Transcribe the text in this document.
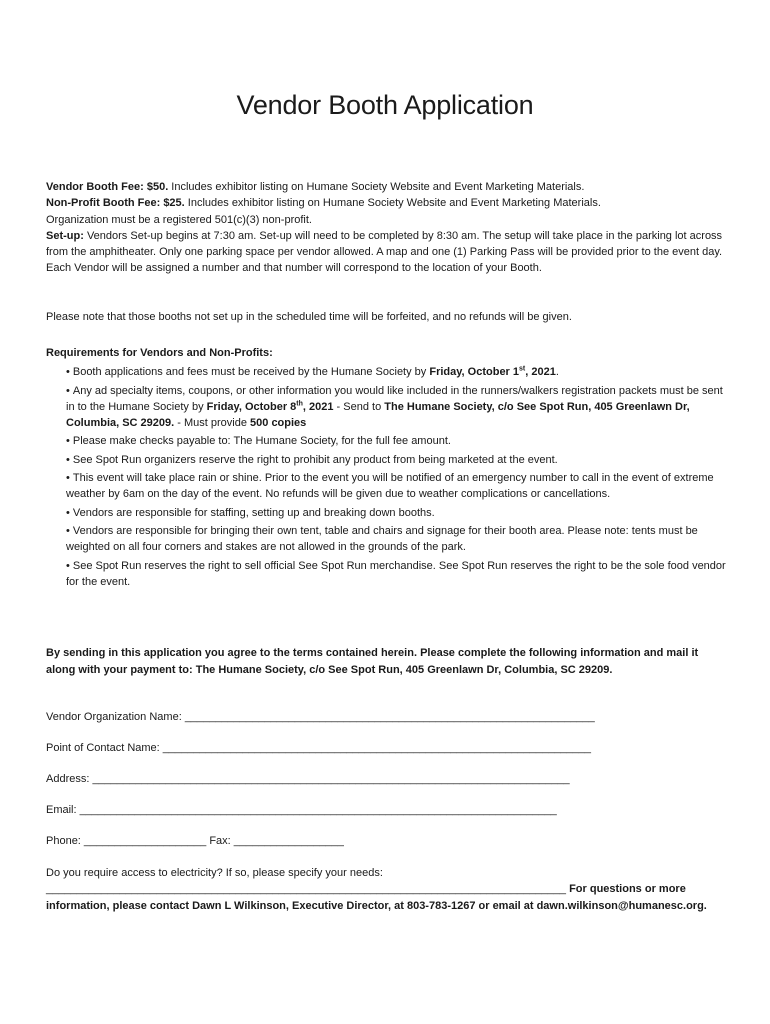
Vendor Booth Application
Vendor Booth Fee: $50. Includes exhibitor listing on Humane Society Website and Event Marketing Materials.
Non-Profit Booth Fee: $25. Includes exhibitor listing on Humane Society Website and Event Marketing Materials.
Organization must be a registered 501(c)(3) non-profit.
Set-up: Vendors Set-up begins at 7:30 am. Set-up will need to be completed by 8:30 am. The setup will take place in the parking lot across from the amphitheater. Only one parking space per vendor allowed. A map and one (1) Parking Pass will be provided prior to the event day. Each Vendor will be assigned a number and that number will correspond to the location of your Booth.
Please note that those booths not set up in the scheduled time will be forfeited, and no refunds will be given.
Requirements for Vendors and Non-Profits:
• Booth applications and fees must be received by the Humane Society by Friday, October 1st, 2021.
• Any ad specialty items, coupons, or other information you would like included in the runners/walkers registration packets must be sent in to the Humane Society by Friday, October 8th, 2021 - Send to The Humane Society, c/o See Spot Run, 405 Greenlawn Dr, Columbia, SC 29209. - Must provide 500 copies
• Please make checks payable to: The Humane Society, for the full fee amount.
• See Spot Run organizers reserve the right to prohibit any product from being marketed at the event.
• This event will take place rain or shine. Prior to the event you will be notified of an emergency number to call in the event of extreme weather by 6am on the day of the event. No refunds will be given due to weather complications or cancellations.
• Vendors are responsible for staffing, setting up and breaking down booths.
• Vendors are responsible for bringing their own tent, table and chairs and signage for their booth area. Please note: tents must be weighted on all four corners and stakes are not allowed in the grounds of the park.
• See Spot Run reserves the right to sell official See Spot Run merchandise. See Spot Run reserves the right to be the sole food vendor for the event.
By sending in this application you agree to the terms contained herein. Please complete the following information and mail it along with your payment to: The Humane Society, c/o See Spot Run, 405 Greenlawn Dr, Columbia, SC 29209.
Vendor Organization Name: ___________________________________________________________________
Point of Contact Name: ______________________________________________________________________
Address: ______________________________________________________________________________
Email: ______________________________________________________________________________
Phone: ____________________ Fax: __________________
Do you require access to electricity? If so, please specify your needs:
_____________________________________________________________________________________ For questions or more information, please contact Dawn L Wilkinson, Executive Director, at 803-783-1267 or email at dawn.wilkinson@humanesc.org.
